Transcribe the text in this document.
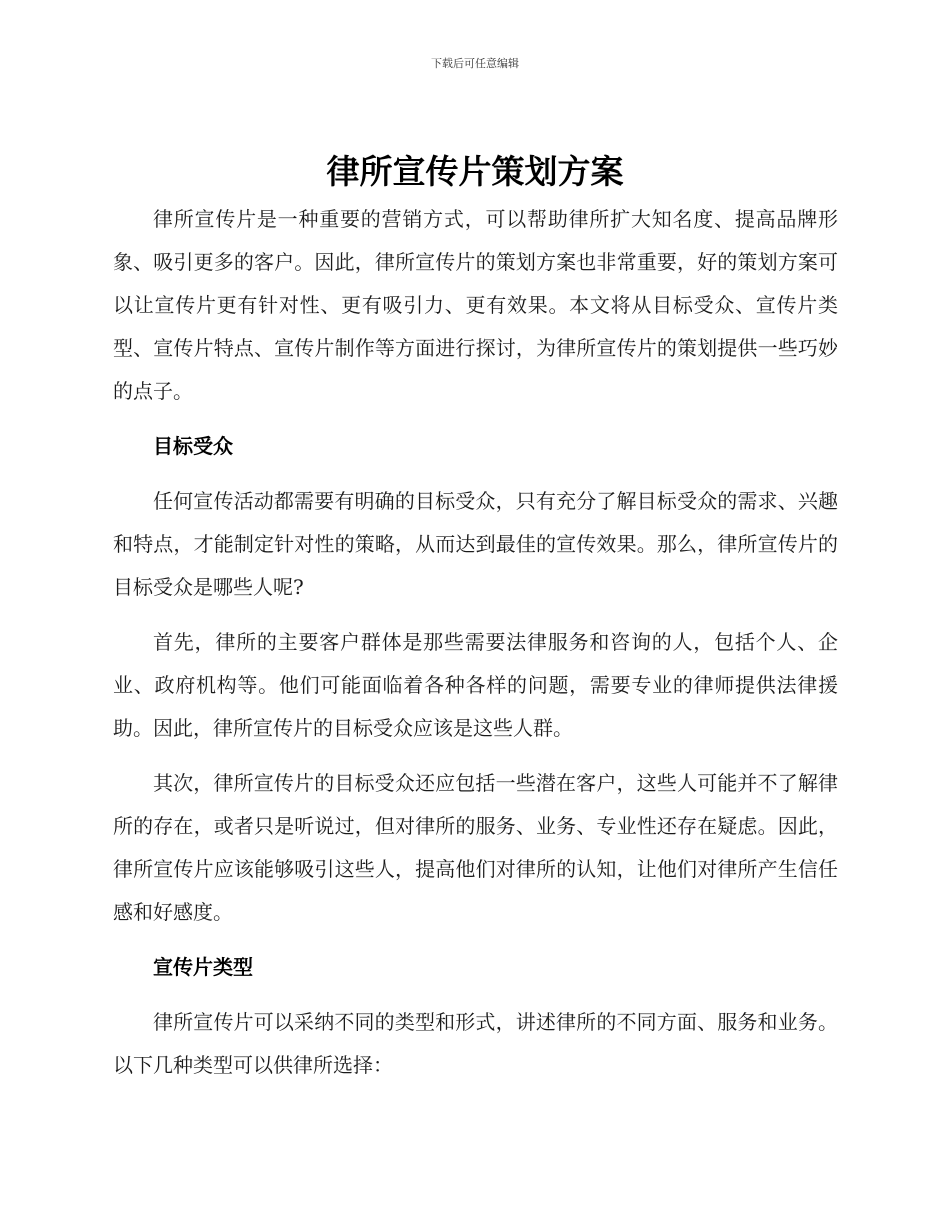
下载后可任意编辑
律所宣传片策划方案

律所宣传片是一种重要的营销方式，可以帮助律所扩大知名度、提高品牌形象、吸引更多的客户。因此，律所宣传片的策划方案也非常重要，好的策划方案可以让宣传片更有针对性、更有吸引力、更有效果。本文将从目标受众、宣传片类型、宣传片特点、宣传片制作等方面进行探讨，为律所宣传片的策划提供一些巧妙的点子。

目标受众

任何宣传活动都需要有明确的目标受众，只有充分了解目标受众的需求、兴趣和特点，才能制定针对性的策略，从而达到最佳的宣传效果。那么，律所宣传片的目标受众是哪些人呢?

首先，律所的主要客户群体是那些需要法律服务和咨询的人，包括个人、企业、政府机构等。他们可能面临着各种各样的问题，需要专业的律师提供法律援助。因此，律所宣传片的目标受众应该是这些人群。

其次，律所宣传片的目标受众还应包括一些潜在客户，这些人可能并不了解律所的存在，或者只是听说过，但对律所的服务、业务、专业性还存在疑虑。因此，律所宣传片应该能够吸引这些人，提高他们对律所的认知，让他们对律所产生信任感和好感度。

宣传片类型

律所宣传片可以采纳不同的类型和形式，讲述律所的不同方面、服务和业务。以下几种类型可以供律所选择：
